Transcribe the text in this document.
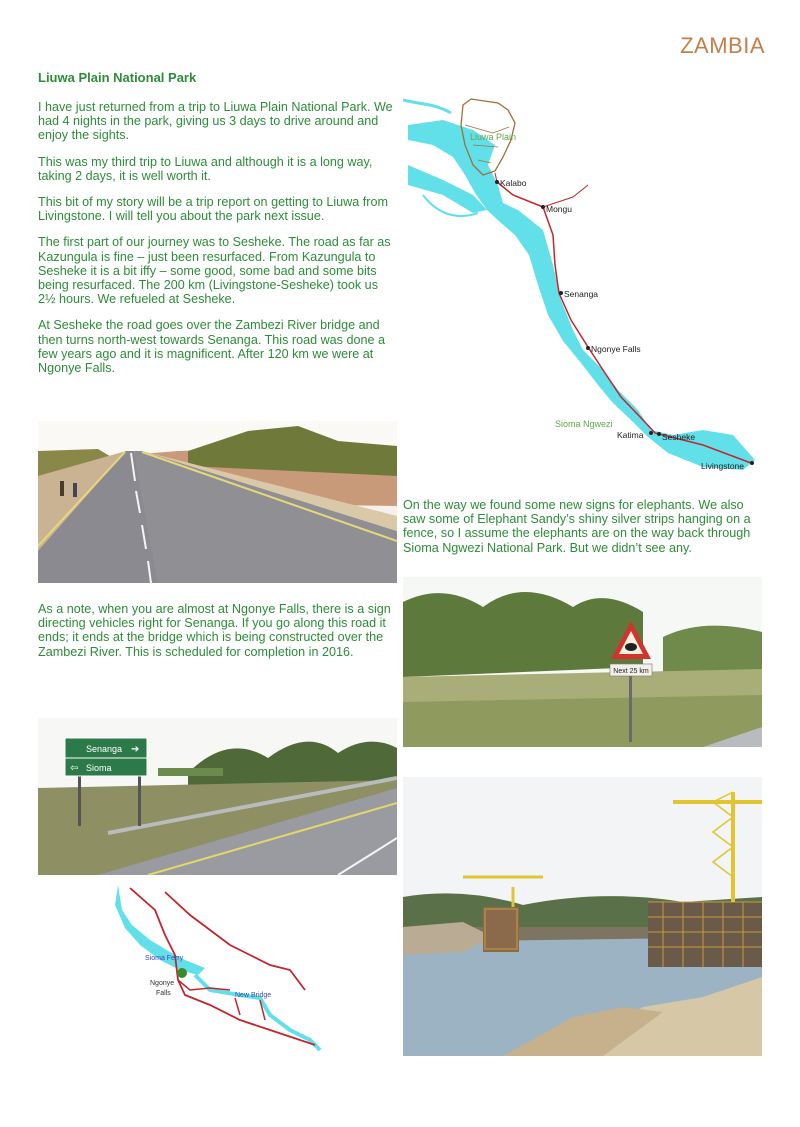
ZAMBIA
Liuwa Plain National Park

I have just returned from a trip to Liuwa Plain National Park. We had 4 nights in the park, giving us 3 days to drive around and enjoy the sights.

This was my third trip to Liuwa and although it is a long way, taking 2 days, it is well worth it.

This bit of my story will be a trip report on getting to Liuwa from Livingstone. I will tell you about the park next issue.

The first part of our journey was to Sesheke. The road as far as Kazungula is fine – just been resurfaced. From Kazungula to Sesheke it is a bit iffy – some good, some bad and some bits being resurfaced. The 200 km (Livingstone-Sesheke) took us 2½ hours. We refueled at Sesheke.

At Sesheke the road goes over the Zambezi River bridge and then turns north-west towards Senanga. This road was done a few years ago and it is magnificent. After 120 km we were at Ngonye Falls.

Liuwa Plain
Kalabo
Mongu
Senanga
Ngonye Falls
Sioma Ngwezi
Katima Sesheke
Livingstone

On the way we found some new signs for elephants. We also saw some of Elephant Sandy’s shiny silver strips hanging on a fence, so I assume the elephants are on the way back through Sioma Ngwezi National Park. But we didn’t see any.

As a note, when you are almost at Ngonye Falls, there is a sign directing vehicles right for Senanga. If you go along this road it ends; it ends at the bridge which is being constructed over the Zambezi River. This is scheduled for completion in 2016.

Next 25 km
Senanga ➔
⇦ Sioma
Sioma Ferry
Ngonye
Falls	New Bridge
